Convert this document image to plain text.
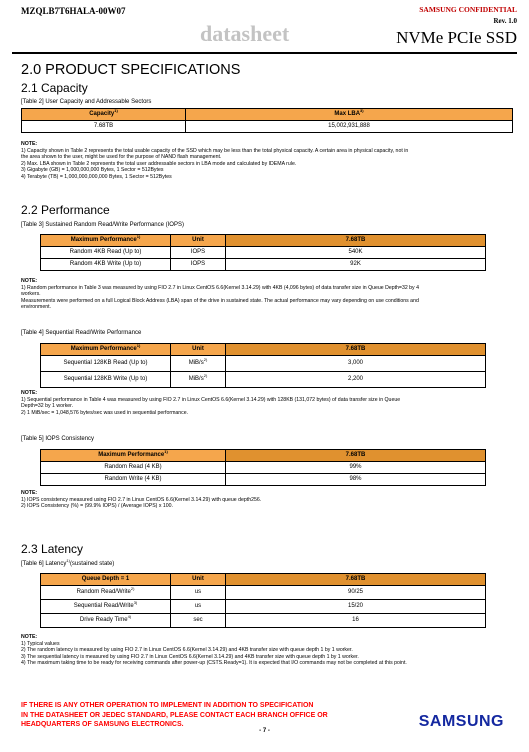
MZQLB7T6HALA-00W07	SAMSUNG CONFIDENTIAL
Rev. 1.0
datasheet	NVMe PCIe SSD
2.0 PRODUCT SPECIFICATIONS
2.1 Capacity
[Table 2] User Capacity and Addressable Sectors
Capacity$^{1)}$	Max LBA$^{3)}$
7.68TB	15,002,931,888
NOTE:
1) Capacity shown in Table 2 represents the total usable capacity of the SSD which may be less than the total physical capacity. A certain area in physical capacity, not in
the area shown to the user, might be used for the purpose of NAND flash management.
2) Max. LBA shown in Table 2 represents the total user addressable sectors in LBA mode and calculated by IDEMA rule.
3) Gigabyte (GB) = 1,000,000,000 Bytes, 1 Sector = 512Bytes
4) Terabyte (TB) = 1,000,000,000,000 Bytes, 1 Sector = 512Bytes
2.2 Performance
[Table 3] Sustained Random Read/Write Performance (IOPS)
Maximum Performance$^{1)}$	Unit	7.68TB
Random 4KB Read (Up to)	IOPS	540K
Random 4KB Write (Up to)	IOPS	92K
NOTE:
1) Random performance in Table 3 was measured by using FIO 2.7 in Linux CentOS 6.6(Kernel 3.14.29) with 4KB (4,096 bytes) of data transfer size in Queue Depth=32 by 4
workers.
Measurements were performed on a full Logical Block Address (LBA) span of the drive in sustained state. The actual performance may vary depending on use conditions and
environment.
[Table 4] Sequential Read/Write Performance
Maximum Performance$^{1)}$	Unit	7.68TB
Sequential 128KB Read (Up to)	MiB/$s^{2)}$	3,000
Sequential 128KB Write (Up to)	MiB/$s^{2)}$	2,200
NOTE:
1) Sequential performance in Table 4 was measured by using FIO 2.7 in Linux CentOS 6.6(Kernel 3.14.29) with 128KB (131,072 bytes) of data transfer size in Queue
Depth=32 by 1 worker.
2) 1 MiB/sec = 1,048,576 bytes/sec was used in sequential performance.
[Table 5] IOPS Consistency
Maximum Performance$^{1)}$	7.68TB
Random Read (4 KB)	99%
Random Write (4 KB)	98%
NOTE:
1) IOPS consistency measured using FIO 2.7 in Linux CentOS 6.6(Kernel 3.14.29) with queue depth256.
2) IOPS Consistency (%) = (99.9% IOPS) / (Average IOPS) x 100.
2.3 Latency
[Table 6] Latency$^{1)}$(sustained state)
Queue Depth = 1	Unit	7.68TB
Random Read/Write$^{2)}$	us	90/25
Sequential Read/Write$^{3)}$	us	15/20
Drive Ready Time$^{4)}$	sec	16
NOTE:
1) Typical values
2) The random latency is measured by using FIO 2.7 in Linux CentOS 6.6(Kernel 3.14.29) and 4KB transfer size with queue depth 1 by 1 worker.
3) The sequential latency is measured by using FIO 2.7 in Linux CentOS 6.6(Kernel 3.14.29) and 4KB transfer size with queue depth 1 by 1 worker.
4) The maximum taking time to be ready for receiving commands after power-up (CSTS.Ready=1). It is expected that I/O commands may not be completed at this point.
IF THERE IS ANY OTHER OPERATION TO IMPLEMENT IN ADDITION TO SPECIFICATION
IN THE DATASHEET OR JEDEC STANDARD, PLEASE CONTACT EACH BRANCH OFFICE OR
HEADQUARTERS OF SAMSUNG ELECTRONICS.	SAMSUNG
- 7 -
